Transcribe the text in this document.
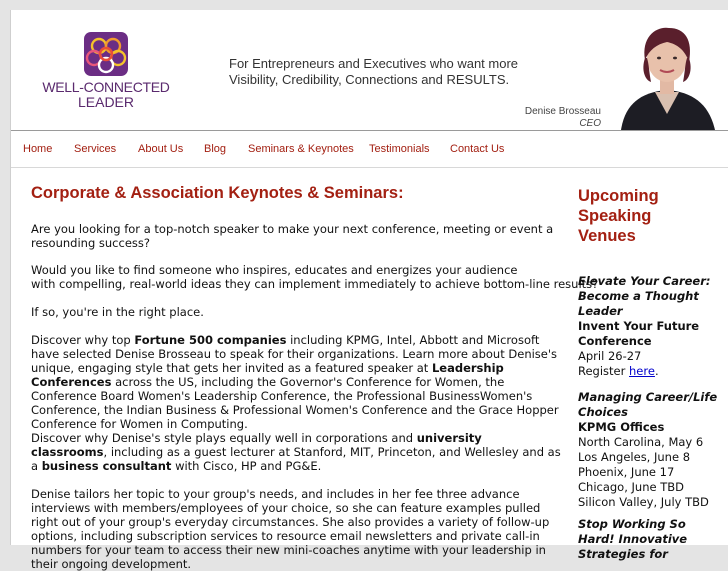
WELL-CONNECTED
LEADER
For Entrepreneurs and Executives who want more
Visibility, Credibility, Connections and RESULTS.
Denise Brosseau
CEO
Home Services About Us Blog Seminars & Keynotes Testimonials Contact Us
Corporate & Association Keynotes & Seminars:

Are you looking for a top-notch speaker to make your next conference, meeting or event a resounding success?

Would you like to find someone who inspires, educates and energizes your audience
with compelling, real-world ideas they can implement immediately to achieve bottom-line results?

If so, you're in the right place.

Discover why top Fortune 500 companies including KPMG, Intel, Abbott and Microsoft have selected Denise Brosseau to speak for their organizations. Learn more about Denise's unique, engaging style that gets her invited as a featured speaker at Leadership Conferences across the US, including the Governor's Conference for Women, the Conference Board Women's Leadership Conference, the Professional BusinessWomen's Conference, the Indian Business & Professional Women's Conference and the Grace Hopper Conference for Women in Computing.

Discover why Denise's style plays equally well in corporations and university classrooms, including as a guest lecturer at Stanford, MIT, Princeton, and Wellesley and as a business consultant with Cisco, HP and PG&E.

Denise tailors her topic to your group's needs, and includes in her fee three advance interviews with members/employees of your choice, so she can feature examples pulled right out of your group's everyday circumstances. She also provides a variety of follow-up options, including subscription services to resource email newsletters and private call-in numbers for your team to access their new mini-coaches anytime with your leadership in their ongoing development.

Upcoming
Speaking
Venues
Elevate Your Career:
Become a Thought
Leader
Invent Your Future
Conference
April 26-27
Register here.
Managing Career/Life
Choices
KPMG Offices
North Carolina, May 6
Los Angeles, June 8
Phoenix, June 17
Chicago, June TBD
Silicon Valley, July TBD
Stop Working So
Hard! Innovative
Strategies for
